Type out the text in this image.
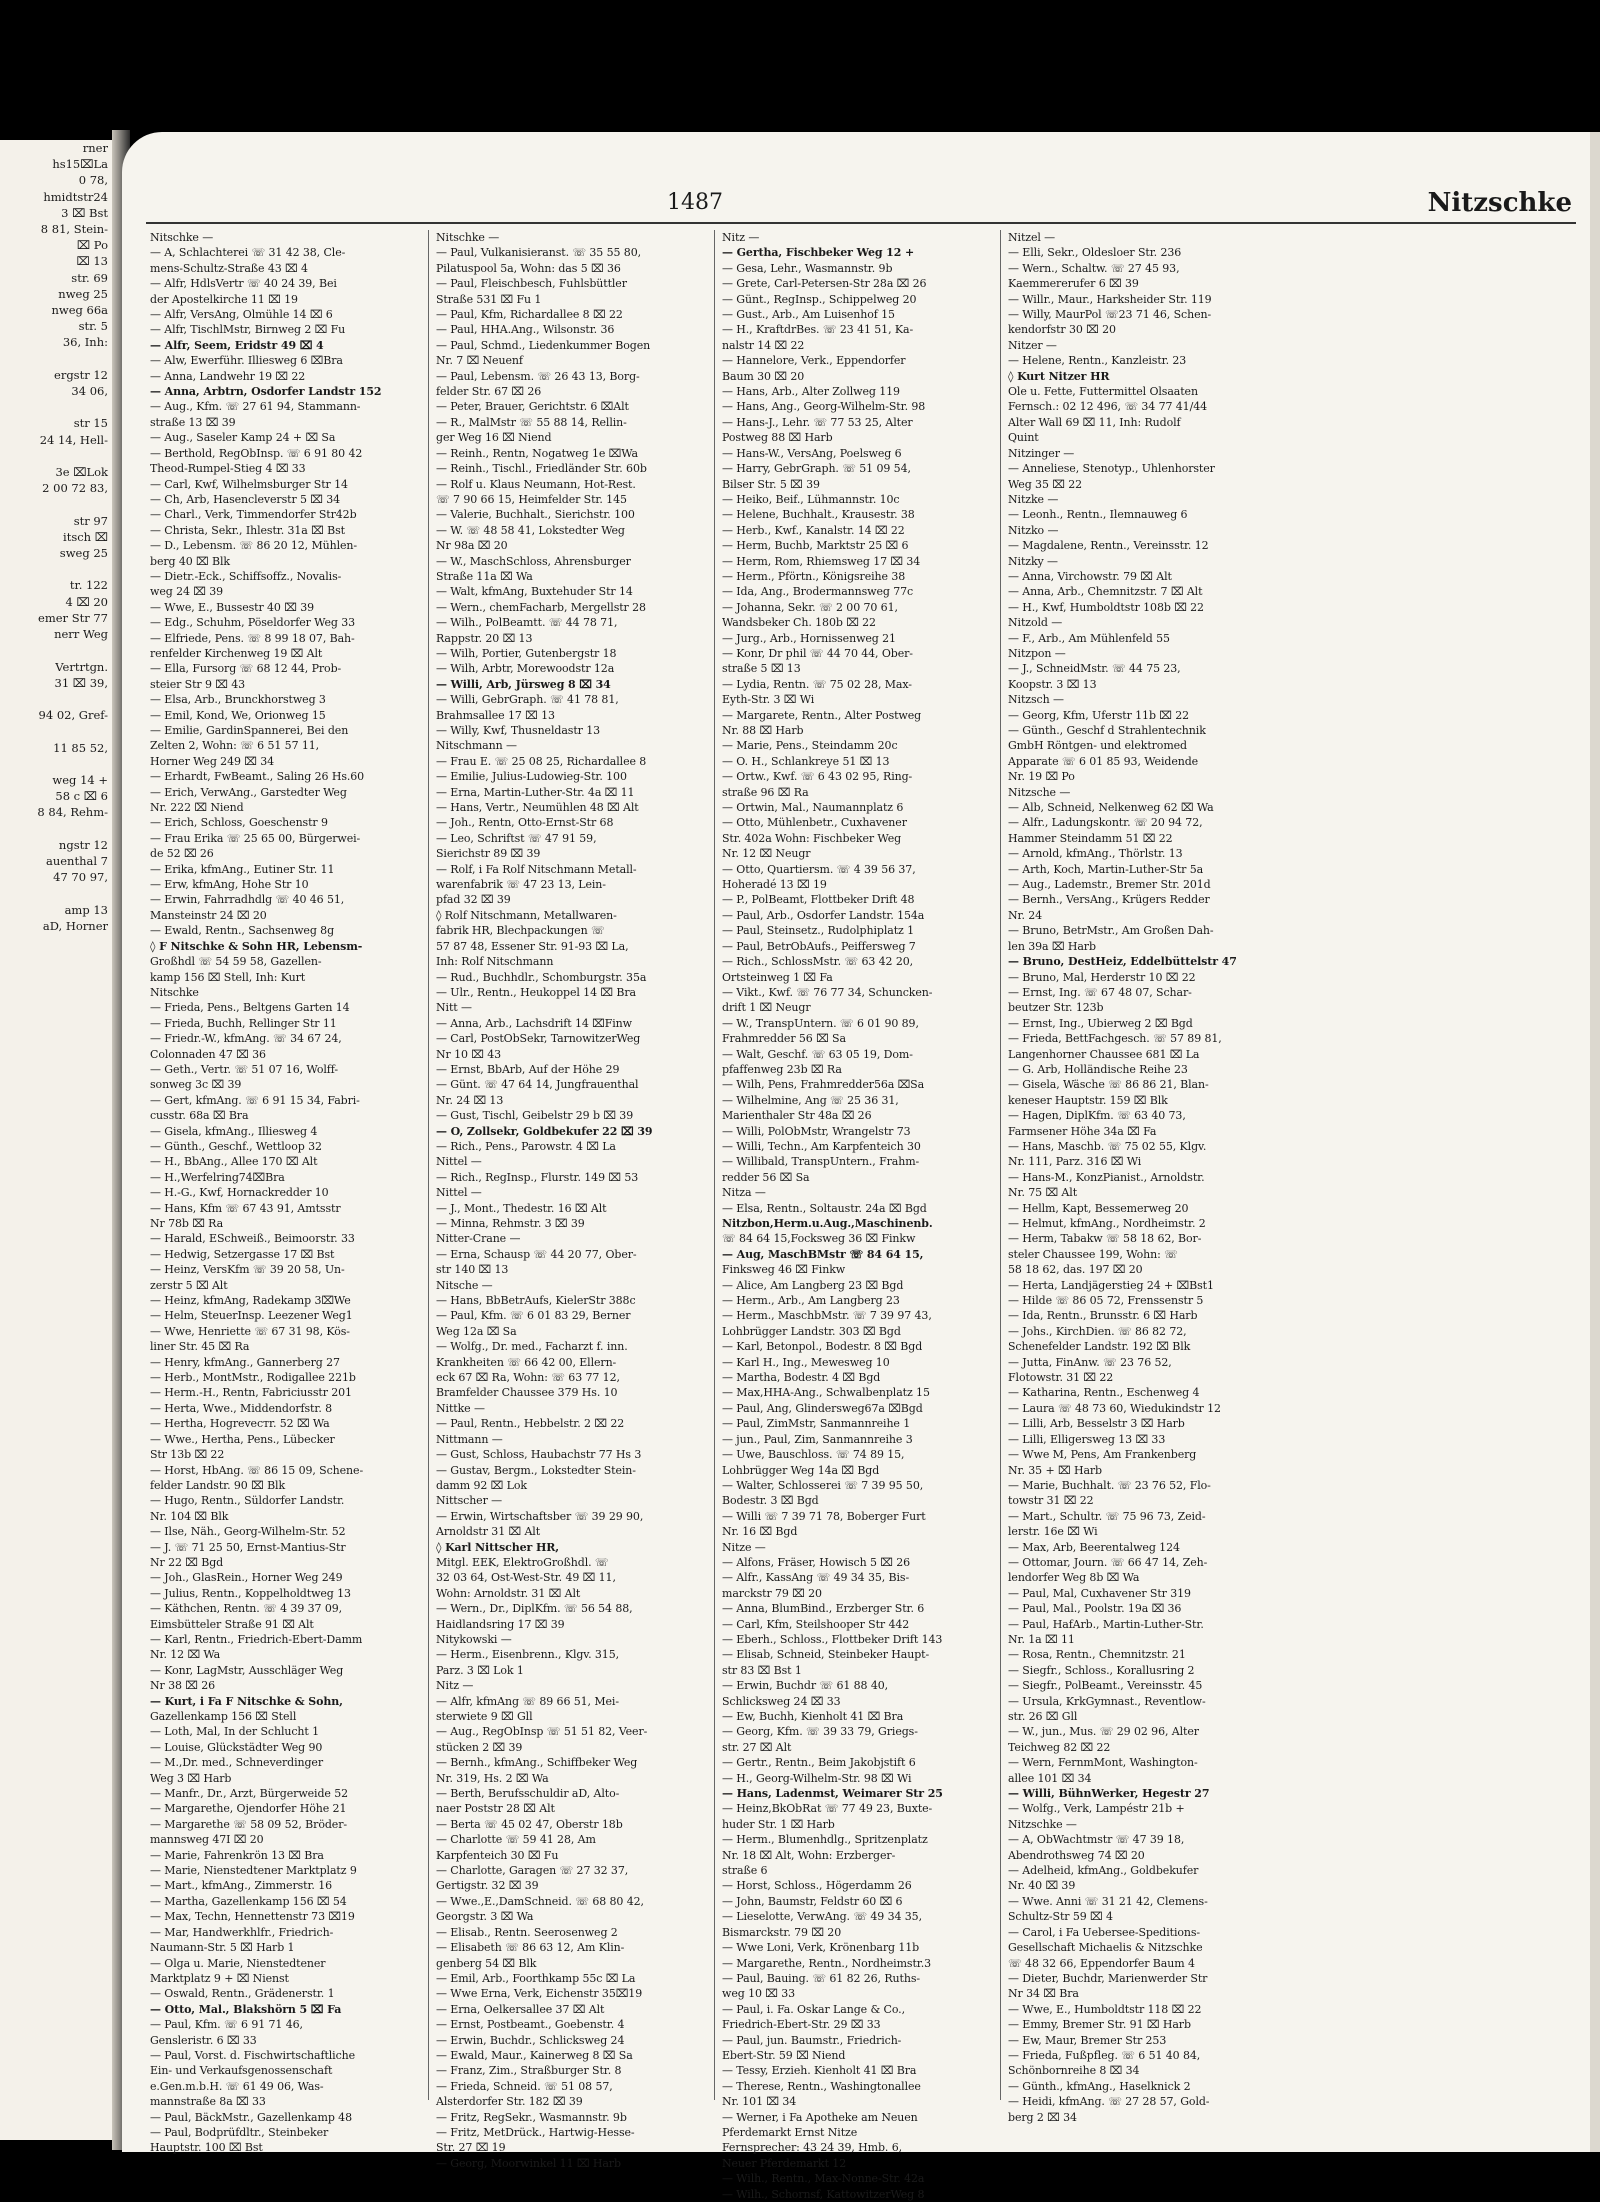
rner
hs15⌧La
0 78,
hmidtstr24
3 ⌧ Bst
8 81, Stein-
⌧ Po
⌧ 13
str. 69
nweg 25
nweg 66a
str. 5
36, Inh:

ergstr 12
34 06,

str 15
24 14, Hell-

3e ⌧Lok
2 00 72 83,

str 97
itsch ⌧
sweg 25

tr. 122
4 ⌧ 20
emer Str 77
nerr Weg

Vertrtgn.
31 ⌧ 39,

94 02, Gref-

11 85 52,

weg 14 +
58 c ⌧ 6
8 84, Rehm-

ngstr 12
auenthal 7
47 70 97,

amp 13
aD, Horner
1487	Nitzschke
Nitschke —
— A, Schlachterei ☏ 31 42 38, Cle-
mens-Schultz-Straße 43 ⌧ 4
— Alfr, HdlsVertr ☏ 40 24 39, Bei
der Apostelkirche 11 ⌧ 19
— Alfr, VersAng, Olmühle 14 ⌧ 6
— Alfr, TischlMstr, Birnweg 2 ⌧ Fu
— Alfr, Seem, Eridstr 49 ⌧ 4
— Alw, Ewerführ. Illiesweg 6 ⌧Bra
— Anna, Landwehr 19 ⌧ 22
— Anna, Arbtrn, Osdorfer Landstr 152
— Aug., Kfm. ☏ 27 61 94, Stammann-
straße 13 ⌧ 39
— Aug., Saseler Kamp 24 + ⌧ Sa
— Berthold, RegObInsp. ☏ 6 91 80 42
Theod-Rumpel-Stieg 4 ⌧ 33
— Carl, Kwf, Wilhelmsburger Str 14
— Ch, Arb, Hasencleverstr 5 ⌧ 34
— Charl., Verk, Timmendorfer Str42b
— Christa, Sekr., Ihlestr. 31a ⌧ Bst
— D., Lebensm. ☏ 86 20 12, Mühlen-
berg 40 ⌧ Blk
— Dietr.-Eck., Schiffsoffz., Novalis-
weg 24 ⌧ 39
— Wwe, E., Bussestr 40 ⌧ 39
— Edg., Schuhm, Pöseldorfer Weg 33
— Elfriede, Pens. ☏ 8 99 18 07, Bah-
renfelder Kirchenweg 19 ⌧ Alt
— Ella, Fursorg ☏ 68 12 44, Prob-
steier Str 9 ⌧ 43
— Elsa, Arb., Brunckhorstweg 3
— Emil, Kond, We, Orionweg 15
— Emilie, GardinSpannerei, Bei den
Zelten 2, Wohn: ☏ 6 51 57 11,
Horner Weg 249 ⌧ 34
— Erhardt, FwBeamt., Saling 26 Hs.60
— Erich, VerwAng., Garstedter Weg
Nr. 222 ⌧ Niend
— Erich, Schloss, Goeschenstr 9
— Frau Erika ☏ 25 65 00, Bürgerwei-
de 52 ⌧ 26
— Erika, kfmAng., Eutiner Str. 11
— Erw, kfmAng, Hohe Str 10
— Erwin, Fahrradhdlg ☏ 40 46 51,
Mansteinstr 24 ⌧ 20
— Ewald, Rentn., Sachsenweg 8g
◊ F Nitschke & Sohn HR, Lebensm-
Großhdl ☏ 54 59 58, Gazellen-
kamp 156 ⌧ Stell, Inh: Kurt
Nitschke
— Frieda, Pens., Beltgens Garten 14
— Frieda, Buchh, Rellinger Str 11
— Friedr.-W., kfmAng. ☏ 34 67 24,
Colonnaden 47 ⌧ 36
— Geth., Vertr. ☏ 51 07 16, Wolff-
sonweg 3c ⌧ 39
— Gert, kfmAng. ☏ 6 91 15 34, Fabri-
cusstr. 68a ⌧ Bra
— Gisela, kfmAng., Illiesweg 4
— Günth., Geschf., Wettloop 32
— H., BbAng., Allee 170 ⌧ Alt
— H.,Werfelring74⌧Bra
— H.-G., Kwf, Hornackredder 10
— Hans, Kfm ☏ 67 43 91, Amtsstr
Nr 78b ⌧ Ra
— Harald, ESchweiß., Beimoorstr. 33
— Hedwig, Setzergasse 17 ⌧ Bst
— Heinz, VersKfm ☏ 39 20 58, Un-
zerstr 5 ⌧ Alt
— Heinz, kfmAng, Radekamp 3⌧We
— Helm, SteuerInsp. Leezener Weg1
— Wwe, Henriette ☏ 67 31 98, Kös-
liner Str. 45 ⌧ Ra
— Henry, kfmAng., Gannerberg 27
— Herb., MontMstr., Rodigallee 221b
— Herm.-H., Rentn, Fabriciusstr 201
— Herta, Wwe., Middendorfstr. 8
— Hertha, Hogreveстr. 52 ⌧ Wa
— Wwe., Hertha, Pens., Lübecker
Str 13b ⌧ 22
— Horst, HbAng. ☏ 86 15 09, Schene-
felder Landstr. 90 ⌧ Blk
— Hugo, Rentn., Süldorfer Landstr.
Nr. 104 ⌧ Blk
— Ilse, Näh., Georg-Wilhelm-Str. 52
— J. ☏ 71 25 50, Ernst-Mantius-Str
Nr 22 ⌧ Bgd
— Joh., GlasRein., Horner Weg 249
— Julius, Rentn., Koppelholdtweg 13
— Käthchen, Rentn. ☏ 4 39 37 09,
Eimsbütteler Straße 91 ⌧ Alt
— Karl, Rentn., Friedrich-Ebert-Damm
Nr. 12 ⌧ Wa
— Konr, LagMstr, Ausschläger Weg
Nr 38 ⌧ 26
— Kurt, i Fa F Nitschke & Sohn,
Gazellenkamp 156 ⌧ Stell
— Loth, Mal, In der Schlucht 1
— Louise, Glückstädter Weg 90
— M.,Dr. med., Schneverdinger
Weg 3 ⌧ Harb
— Manfr., Dr., Arzt, Bürgerweide 52
— Margarethe, Ojendorfer Höhe 21
— Margarethe ☏ 58 09 52, Bröder-
mannsweg 47I ⌧ 20
— Marie, Fahrenkrön 13 ⌧ Bra
— Marie, Nienstedtener Marktplatz 9
— Mart., kfmAng., Zimmerstr. 16
— Martha, Gazellenkamp 156 ⌧ 54
— Max, Techn, Hennettenstr 73 ⌧19
— Mar, Handwerkhlfr., Friedrich-
Naumann-Str. 5 ⌧ Harb 1
— Olga u. Marie, Nienstedtener
Marktplatz 9 + ⌧ Nienst
— Oswald, Rentn., Grädenerstr. 1
— Otto, Mal., Blakshörn 5 ⌧ Fa
— Paul, Kfm. ☏ 6 91 71 46,
Gensleristr. 6 ⌧ 33
— Paul, Vorst. d. Fischwirtschaftliche
Ein- und Verkaufsgenossenschaft
e.Gen.m.b.H. ☏ 61 49 06, Was-
mannstraße 8a ⌧ 33
— Paul, BäckMstr., Gazellenkamp 48
— Paul, Bodprüfdltr., Steinbeker
Hauptstr. 100 ⌧ Bst
Nitschke —
— Paul, Vulkanisieranst. ☏ 35 55 80,
Pilatuspool 5a, Wohn: das 5 ⌧ 36
— Paul, Fleischbesch, Fuhlsbüttler
Straße 531 ⌧ Fu 1
— Paul, Kfm, Richardallee 8 ⌧ 22
— Paul, HHA.Ang., Wilsonstr. 36
— Paul, Schmd., Liedenkummer Bogen
Nr. 7 ⌧ Neuenf
— Paul, Lebensm. ☏ 26 43 13, Borg-
felder Str. 67 ⌧ 26
— Peter, Brauer, Gerichtstr. 6 ⌧Alt
— R., MalMstr ☏ 55 88 14, Rellin-
ger Weg 16 ⌧ Niend
— Reinh., Rentn, Nogatweg 1e ⌧Wa
— Reinh., Tischl., Friedländer Str. 60b
— Rolf u. Klaus Neumann, Hot-Rest.
☏ 7 90 66 15, Heimfelder Str. 145
— Valerie, Buchhalt., Sierichstr. 100
— W. ☏ 48 58 41, Lokstedter Weg
Nr 98a ⌧ 20
— W., MaschSchloss, Ahrensburger
Straße 11a ⌧ Wa
— Walt, kfmAng, Buxtehuder Str 14
— Wern., chemFacharb, Mergellstr 28
— Wilh., PolBeamtt. ☏ 44 78 71,
Rappstr. 20 ⌧ 13
— Wilh, Portier, Gutenbergstr 18
— Wilh, Arbtr, Morewoodstr 12a
— Willi, Arb, Jürsweg 8 ⌧ 34
— Willi, GebrGraph. ☏ 41 78 81,
Brahmsallee 17 ⌧ 13
— Willy, Kwf, Thusneldastr 13
Nitschmann —
— Frau E. ☏ 25 08 25, Richardallee 8
— Emilie, Julius-Ludowieg-Str. 100
— Erna, Martin-Luther-Str. 4a ⌧ 11
— Hans, Vertr., Neumühlen 48 ⌧ Alt
— Joh., Rentn, Otto-Ernst-Str 68
— Leo, Schriftst ☏ 47 91 59,
Sierichstr 89 ⌧ 39
— Rolf, i Fa Rolf Nitschmann Metall-
warenfabrik ☏ 47 23 13, Lein-
pfad 32 ⌧ 39
◊ Rolf Nitschmann, Metallwaren-
fabrik HR, Blechpackungen ☏
57 87 48, Essener Str. 91-93 ⌧ La,
Inh: Rolf Nitschmann
— Rud., Buchhdlr., Schomburgstr. 35a
— Ulr., Rentn., Heukoppel 14 ⌧ Bra
Nitt —
— Anna, Arb., Lachsdrift 14 ⌧Finw
— Carl, PostObSekr, TarnowitzerWeg
Nr 10 ⌧ 43
— Ernst, BbArb, Auf der Höhe 29
— Günt. ☏ 47 64 14, Jungfrauenthal
Nr. 24 ⌧ 13
— Gust, Tischl, Geibelstr 29 b ⌧ 39
— O, Zollsekr, Goldbekufer 22 ⌧ 39
— Rich., Pens., Parowstr. 4 ⌧ La
Nittel —
— Rich., RegInsp., Flurstr. 149 ⌧ 53
Nittel —
— J., Mont., Thedestr. 16 ⌧ Alt
— Minna, Rehmstr. 3 ⌧ 39
Nitter-Crane —
— Erna, Schausp ☏ 44 20 77, Ober-
str 140 ⌧ 13
Nitsche —
— Hans, BbBetrAufs, KielerStr 388c
— Paul, Kfm. ☏ 6 01 83 29, Berner
Weg 12a ⌧ Sa
— Wolfg., Dr. med., Facharzt f. inn.
Krankheiten ☏ 66 42 00, Ellern-
eck 67 ⌧ Ra, Wohn: ☏ 63 77 12,
Bramfelder Chaussee 379 Hs. 10
Nittke —
— Paul, Rentn., Hebbelstr. 2 ⌧ 22
Nittmann —
— Gust, Schloss, Haubachstr 77 Hs 3
— Gustav, Bergm., Lokstedter Stein-
damm 92 ⌧ Lok
Nittscher —
— Erwin, Wirtschaftsber ☏ 39 29 90,
Arnoldstr 31 ⌧ Alt
◊ Karl Nittscher HR,
Mitgl. EEK, ElektroGroßhdl. ☏
32 03 64, Ost-West-Str. 49 ⌧ 11,
Wohn: Arnoldstr. 31 ⌧ Alt
— Wern., Dr., DiplKfm. ☏ 56 54 88,
Haidlandsring 17 ⌧ 39
Nitykowski —
— Herm., Eisenbrenn., Klgv. 315,
Parz. 3 ⌧ Lok 1
Nitz —
— Alfr, kfmAng ☏ 89 66 51, Mei-
sterwiete 9 ⌧ Gll
— Aug., RegObInsp ☏ 51 51 82, Veer-
stücken 2 ⌧ 39
— Bernh., kfmAng., Schiffbeker Weg
Nr. 319, Hs. 2 ⌧ Wa
— Berth, Berufsschuldir aD, Alto-
naer Poststr 28 ⌧ Alt
— Berta ☏ 45 02 47, Oberstr 18b
— Charlotte ☏ 59 41 28, Am
Karpfenteich 30 ⌧ Fu
— Charlotte, Garagen ☏ 27 32 37,
Gertigstr. 32 ⌧ 39
— Wwe.,E.,DamSchneid. ☏ 68 80 42,
Georgstr. 3 ⌧ Wa
— Elisab., Rentn. Seerosenweg 2
— Elisabeth ☏ 86 63 12, Am Klin-
genberg 54 ⌧ Blk
— Emil, Arb., Foorthkamp 55c ⌧ La
— Wwe Erna, Verk, Eichenstr 35⌧19
— Erna, Oelkersallee 37 ⌧ Alt
— Ernst, Postbeamt., Goebenstr. 4
— Erwin, Buchdr., Schlicksweg 24
— Ewald, Maur., Kainerweg 8 ⌧ Sa
— Franz, Zim., Straßburger Str. 8
— Frieda, Schneid. ☏ 51 08 57,
Alsterdorfer Str. 182 ⌧ 39
— Fritz, RegSekr., Wasmannstr. 9b
— Fritz, MetDrück., Hartwig-Hesse-
Str. 27 ⌧ 19
— Georg, Moorwinkel 11 ⌧ Harb
Nitz —
— Gertha, Fischbeker Weg 12 +
— Gesa, Lehr., Wasmannstr. 9b
— Grete, Carl-Petersen-Str 28a ⌧ 26
— Günt., RegInsp., Schippelweg 20
— Gust., Arb., Am Luisenhof 15
— H., KraftdrBes. ☏ 23 41 51, Ka-
nalstr 14 ⌧ 22
— Hannelore, Verk., Eppendorfer
Baum 30 ⌧ 20
— Hans, Arb., Alter Zollweg 119
— Hans, Ang., Georg-Wilhelm-Str. 98
— Hans-J., Lehr. ☏ 77 53 25, Alter
Postweg 88 ⌧ Harb
— Hans-W., VersAng, Poelsweg 6
— Harry, GebrGraph. ☏ 51 09 54,
Bilser Str. 5 ⌧ 39
— Heiko, Beif., Lühmannstr. 10c
— Helene, Buchhalt., Krausestr. 38
— Herb., Kwf., Kanalstr. 14 ⌧ 22
— Herm, Buchb, Marktstr 25 ⌧ 6
— Herm, Rom, Rhiemsweg 17 ⌧ 34
— Herm., Pförtn., Königsreihe 38
— Ida, Ang., Brodermannsweg 77c
— Johanna, Sekr. ☏ 2 00 70 61,
Wandsbeker Ch. 180b ⌧ 22
— Jurg., Arb., Hornissenweg 21
— Konr, Dr phil ☏ 44 70 44, Ober-
straße 5 ⌧ 13
— Lydia, Rentn. ☏ 75 02 28, Max-
Eyth-Str. 3 ⌧ Wi
— Margarete, Rentn., Alter Postweg
Nr. 88 ⌧ Harb
— Marie, Pens., Steindamm 20c
— O. H., Schlankreye 51 ⌧ 13
— Ortw., Kwf. ☏ 6 43 02 95, Ring-
straße 96 ⌧ Ra
— Ortwin, Mal., Naumannplatz 6
— Otto, Mühlenbetr., Cuxhavener
Str. 402a Wohn: Fischbeker Weg
Nr. 12 ⌧ Neugr
— Otto, Quartiersm. ☏ 4 39 56 37,
Hoheradé 13 ⌧ 19
— P., PolBeamt, Flottbeker Drift 48
— Paul, Arb., Osdorfer Landstr. 154a
— Paul, Steinsetz., Rudolphiplatz 1
— Paul, BetrObAufs., Peiffersweg 7
— Rich., SchlossMstr. ☏ 63 42 20,
Ortsteinweg 1 ⌧ Fa
— Vikt., Kwf. ☏ 76 77 34, Schuncken-
drift 1 ⌧ Neugr
— W., TranspUntern. ☏ 6 01 90 89,
Frahmredder 56 ⌧ Sa
— Walt, Geschf. ☏ 63 05 19, Dom-
pfaffenweg 23b ⌧ Ra
— Wilh, Pens, Frahmredder56a ⌧Sa
— Wilhelmine, Ang ☏ 25 36 31,
Marienthaler Str 48a ⌧ 26
— Willi, PolObMstr, Wrangelstr 73
— Willi, Techn., Am Karpfenteich 30
— Willibald, TranspUntern., Frahm-
redder 56 ⌧ Sa
Nitza —
— Elsa, Rentn., Soltaustr. 24a ⌧ Bgd
Nitzbon,Herm.u.Aug.,Maschinenb.
☏ 84 64 15,Focksweg 36 ⌧ Finkw
— Aug, MaschBMstr ☏ 84 64 15,
Finksweg 46 ⌧ Finkw
— Alice, Am Langberg 23 ⌧ Bgd
— Herm., Arb., Am Langberg 23
— Herm., MaschbMstr. ☏ 7 39 97 43,
Lohbrügger Landstr. 303 ⌧ Bgd
— Karl, Betonpol., Bodestr. 8 ⌧ Bgd
— Karl H., Ing., Mewesweg 10
— Martha, Bodestr. 4 ⌧ Bgd
— Max,HHA-Ang., Schwalbenplatz 15
— Paul, Ang, Glindersweg67a ⌧Bgd
— Paul, ZimMstr, Sanmannreihe 1
— jun., Paul, Zim, Sanmannreihe 3
— Uwe, Bauschloss. ☏ 74 89 15,
Lohbrügger Weg 14a ⌧ Bgd
— Walter, Schlosserei ☏ 7 39 95 50,
Bodestr. 3 ⌧ Bgd
— Willi ☏ 7 39 71 78, Boberger Furt
Nr. 16 ⌧ Bgd
Nitze —
— Alfons, Fräser, Howisch 5 ⌧ 26
— Alfr., KassAng ☏ 49 34 35, Bis-
marckstr 79 ⌧ 20
— Anna, BlumBind., Erzberger Str. 6
— Carl, Kfm, Steilshooper Str 442
— Eberh., Schloss., Flottbeker Drift 143
— Elisab, Schneid, Steinbeker Haupt-
str 83 ⌧ Bst 1
— Erwin, Buchdr ☏ 61 88 40,
Schlicksweg 24 ⌧ 33
— Ew, Buchh, Kienholt 41 ⌧ Bra
— Georg, Kfm. ☏ 39 33 79, Griegs-
str. 27 ⌧ Alt
— Gertr., Rentn., Beim Jakobjstift 6
— H., Georg-Wilhelm-Str. 98 ⌧ Wi
— Hans, Ladenmst, Weimarer Str 25
— Heinz,BkObRat ☏ 77 49 23, Buxte-
huder Str. 1 ⌧ Harb
— Herm., Blumenhdlg., Spritzenplatz
Nr. 18 ⌧ Alt, Wohn: Erzberger-
straße 6
— Horst, Schloss., Högerdamm 26
— John, Baumstr, Feldstr 60 ⌧ 6
— Lieselotte, VerwAng. ☏ 49 34 35,
Bismarckstr. 79 ⌧ 20
— Wwe Loni, Verk, Krönenbarg 11b
— Margarethe, Rentn., Nordheimstr.3
— Paul, Bauing. ☏ 61 82 26, Ruths-
weg 10 ⌧ 33
— Paul, i. Fa. Oskar Lange & Co.,
Friedrich-Ebert-Str. 29 ⌧ 33
— Paul, jun. Baumstr., Friedrich-
Ebert-Str. 59 ⌧ Niend
— Tessy, Erzieh. Kienholt 41 ⌧ Bra
— Therese, Rentn., Washingtonallee
Nr. 101 ⌧ 34
— Werner, i Fa Apotheke am Neuen
Pferdemarkt Ernst Nitze
Fernsprecher: 43 24 39, Hmb. 6,
Neuer Pferdemarkt 12
— Wilh., Rentn., Max-Nonne-Str. 42a
— Wilh., Schornsf, KattowitzerWeg 8
Nitzel —
— Elli, Sekr., Oldesloer Str. 236
— Wern., Schaltw. ☏ 27 45 93,
Kaemmererufer 6 ⌧ 39
— Willr., Maur., Harksheider Str. 119
— Willy, MaurPol ☏23 71 46, Schen-
kendorfstr 30 ⌧ 20
Nitzer —
— Helene, Rentn., Kanzleistr. 23
◊ Kurt Nitzer HR
Ole u. Fette, Futtermittel Olsaaten
Fernsch.: 02 12 496, ☏ 34 77 41/44
Alter Wall 69 ⌧ 11, Inh: Rudolf
Quint
Nitzinger —
— Anneliese, Stenotyp., Uhlenhorster
Weg 35 ⌧ 22
Nitzke —
— Leonh., Rentn., Ilemnauweg 6
Nitzko —
— Magdalene, Rentn., Vereinsstr. 12
Nitzky —
— Anna, Virchowstr. 79 ⌧ Alt
— Anna, Arb., Chemnitzstr. 7 ⌧ Alt
— H., Kwf, Humboldtstr 108b ⌧ 22
Nitzold —
— F., Arb., Am Mühlenfeld 55
Nitzpon —
— J., SchneidMstr. ☏ 44 75 23,
Koopstr. 3 ⌧ 13
Nitzsch —
— Georg, Kfm, Uferstr 11b ⌧ 22
— Günth., Geschf d Strahlentechnik
GmbH Röntgen- und elektromed
Apparate ☏ 6 01 85 93, Weidende
Nr. 19 ⌧ Po
Nitzsche —
— Alb, Schneid, Nelkenweg 62 ⌧ Wa
— Alfr., Ladungskontr. ☏ 20 94 72,
Hammer Steindamm 51 ⌧ 22
— Arnold, kfmAng., Thörlstr. 13
— Arth, Koch, Martin-Luther-Str 5a
— Aug., Lademstr., Bremer Str. 201d
— Bernh., VersAng., Krügers Redder
Nr. 24
— Bruno, BetrMstr., Am Großen Dah-
len 39a ⌧ Harb
— Bruno, DestHeiz, Eddelbüttelstr 47
— Bruno, Mal, Herderstr 10 ⌧ 22
— Ernst, Ing. ☏ 67 48 07, Schar-
beutzer Str. 123b
— Ernst, Ing., Ubierweg 2 ⌧ Bgd
— Frieda, BettFachgesch. ☏ 57 89 81,
Langenhorner Chaussee 681 ⌧ La
— G. Arb, Holländische Reihe 23
— Gisela, Wäsche ☏ 86 86 21, Blan-
keneser Hauptstr. 159 ⌧ Blk
— Hagen, DiplKfm. ☏ 63 40 73,
Farmsener Höhe 34a ⌧ Fa
— Hans, Maschb. ☏ 75 02 55, Klgv.
Nr. 111, Parz. 316 ⌧ Wi
— Hans-M., KonzPianist., Arnoldstr.
Nr. 75 ⌧ Alt
— Hellm, Kapt, Bessemerweg 20
— Helmut, kfmAng., Nordheimstr. 2
— Herm, Tabakw ☏ 58 18 62, Bor-
steler Chaussee 199, Wohn: ☏
58 18 62, das. 197 ⌧ 20
— Herta, Landjägerstieg 24 + ⌧Bst1
— Hilde ☏ 86 05 72, Frenssenstr 5
— Ida, Rentn., Brunsstr. 6 ⌧ Harb
— Johs., KirchDien. ☏ 86 82 72,
Schenefelder Landstr. 192 ⌧ Blk
— Jutta, FinAnw. ☏ 23 76 52,
Flotowstr. 31 ⌧ 22
— Katharina, Rentn., Eschenweg 4
— Laura ☏ 48 73 60, Wiedukindstr 12
— Lilli, Arb, Besselstr 3 ⌧ Harb
— Lilli, Elligersweg 13 ⌧ 33
— Wwe M, Pens, Am Frankenberg
Nr. 35 + ⌧ Harb
— Marie, Buchhalt. ☏ 23 76 52, Flo-
towstr 31 ⌧ 22
— Mart., Schultr. ☏ 75 96 73, Zeid-
lerstr. 16e ⌧ Wi
— Max, Arb, Beerentalweg 124
— Ottomar, Journ. ☏ 66 47 14, Zeh-
lendorfer Weg 8b ⌧ Wa
— Paul, Mal, Cuxhavener Str 319
— Paul, Mal., Poolstr. 19a ⌧ 36
— Paul, HafArb., Martin-Luther-Str.
Nr. 1a ⌧ 11
— Rosa, Rentn., Chemnitzstr. 21
— Siegfr., Schloss., Korallusring 2
— Siegfr., PolBeamt., Vereinsstr. 45
— Ursula, KrkGymnast., Reventlow-
str. 26 ⌧ Gll
— W., jun., Mus. ☏ 29 02 96, Alter
Teichweg 82 ⌧ 22
— Wern, FernmMont, Washington-
allee 101 ⌧ 34
— Willi, BühnWerker, Hegestr 27
— Wolfg., Verk, Lampéstr 21b +
Nitzschke —
— A, ObWachtmstr ☏ 47 39 18,
Abendrothsweg 74 ⌧ 20
— Adelheid, kfmAng., Goldbekufer
Nr. 40 ⌧ 39
— Wwe. Anni ☏ 31 21 42, Clemens-
Schultz-Str 59 ⌧ 4
— Carol, i Fa Uebersee-Speditions-
Gesellschaft Michaelis & Nitzschke
☏ 48 32 66, Eppendorfer Baum 4
— Dieter, Buchdr, Marienwerder Str
Nr 34 ⌧ Bra
— Wwe, E., Humboldtstr 118 ⌧ 22
— Emmy, Bremer Str. 91 ⌧ Harb
— Ew, Maur, Bremer Str 253
— Frieda, Fußpfleg. ☏ 6 51 40 84,
Schönbornreihe 8 ⌧ 34
— Günth., kfmAng., Haselknick 2
— Heidi, kfmAng. ☏ 27 28 57, Gold-
berg 2 ⌧ 34
